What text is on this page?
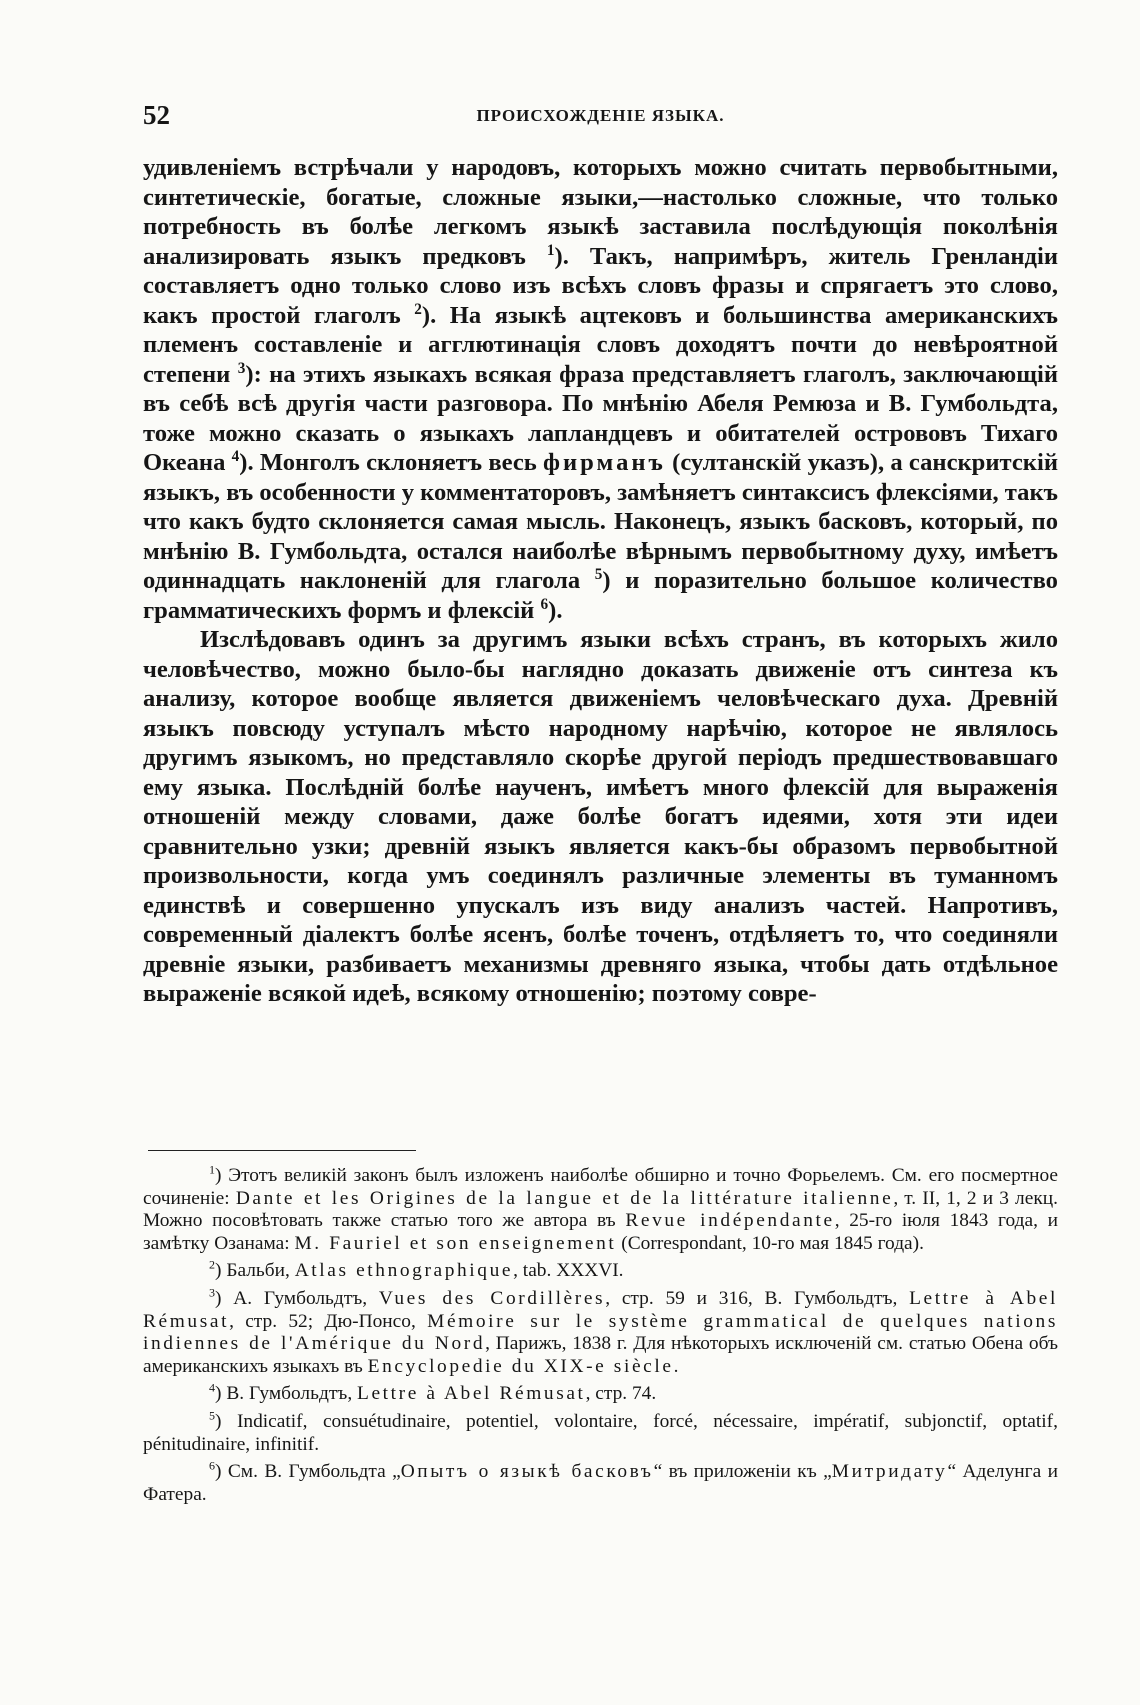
52	ПРОИСХОЖДЕНІЕ ЯЗЫКА.

удивленіемъ встрѣчали у народовъ, которыхъ можно считать первобытными, синтетическіе, богатые, сложные языки,—настолько сложные, что только потребность въ болѣе легкомъ языкѣ заставила послѣдующія поколѣнія анализировать языкъ предковъ $^1$). Такъ, напримѣръ, житель Гренландіи составляетъ одно только слово изъ всѣхъ словъ фразы и спрягаетъ это слово, какъ простой глаголъ $^2$). На языкѣ ацтековъ и большинства американскихъ племенъ составленіе и агглютинація словъ доходятъ почти до невѣроятной степени $^3$): на этихъ языкахъ всякая фраза представляетъ глаголъ, заключающій въ себѣ всѣ другія части разговора. По мнѣнію Абеля Ремюза и В. Гумбольдта, тоже можно сказать о языкахъ лапландцевъ и обитателей острововъ Тихаго Океана $^4$). Монголъ склоняетъ весь фирманъ (султанскій указъ), а санскритскій языкъ, въ особенности у комментаторовъ, замѣняетъ синтаксисъ флексіями, такъ что какъ будто склоняется самая мысль. Наконецъ, языкъ басковъ, который, по мнѣнію В. Гумбольдта, остался наиболѣе вѣрнымъ первобытному духу, имѣетъ одиннадцать наклоненій для глагола $^5$) и поразительно большое количество грамматическихъ формъ и флексій $^6$).

Изслѣдовавъ одинъ за другимъ языки всѣхъ странъ, въ которыхъ жило человѣчество, можно было-бы наглядно доказать движеніе отъ синтеза къ анализу, которое вообще является движеніемъ человѣческаго духа. Древній языкъ повсюду уступалъ мѣсто народному нарѣчію, которое не являлось другимъ языкомъ, но представляло скорѣе другой періодъ предшествовавшаго ему языка. Послѣдній болѣе наученъ, имѣетъ много флексій для выраженія отношеній между словами, даже болѣе богатъ идеями, хотя эти идеи сравнительно узки; древній языкъ является какъ-бы образомъ первобытной произвольности, когда умъ соединялъ различные элементы въ туманномъ единствѣ и совершенно упускалъ изъ виду анализъ частей. Напротивъ, современный діалектъ болѣе ясенъ, болѣе точенъ, отдѣляетъ то, что соединяли древніе языки, разбиваетъ механизмы древняго языка, чтобы дать отдѣльное выраженіе всякой идеѣ, всякому отношенію; поэтому совре-

$^1$) Этотъ великій законъ былъ изложенъ наиболѣе обширно и точно Форьелемъ. См. его посмертное сочиненіе: Dante et les Origines de la langue et de la littérature italienne, т. II, 1, 2 и 3 лекц. Можно посовѣтовать также статью того же автора въ Revue indépendante, 25-го іюля 1843 года, и замѣтку Озанама: M. Fauriel et son enseignement (Correspondant, 10-го мая 1845 года).

$^2$) Бальби, Atlas ethnographique, tab. XXXVI.

$^3$) А. Гумбольдтъ, Vues des Cordillères, стр. 59 и 316, В. Гумбольдтъ, Lettre à Abel Rémusat, стр. 52; Дю-Понсо, Mémoire sur le système grammatical de quelques nations indiennes de l'Amérique du Nord, Парижъ, 1838 г. Для нѣкоторыхъ исключеній см. статью Обена объ американскихъ языкахъ въ Encyclopedie du XIX-e siècle.

$^4$) В. Гумбольдтъ, Lettre à Abel Rémusat, стр. 74.

$^5$) Indicatif, consuétudinaire, potentiel, volontaire, forcé, nécessaire, impératif, subjonctif, optatif, pénitudinaire, infinitif.

$^6$) См. В. Гумбольдта „Опытъ о языкѣ басковъ“ въ приложеніи къ „Митридату“ Аделунга и Фатера.
